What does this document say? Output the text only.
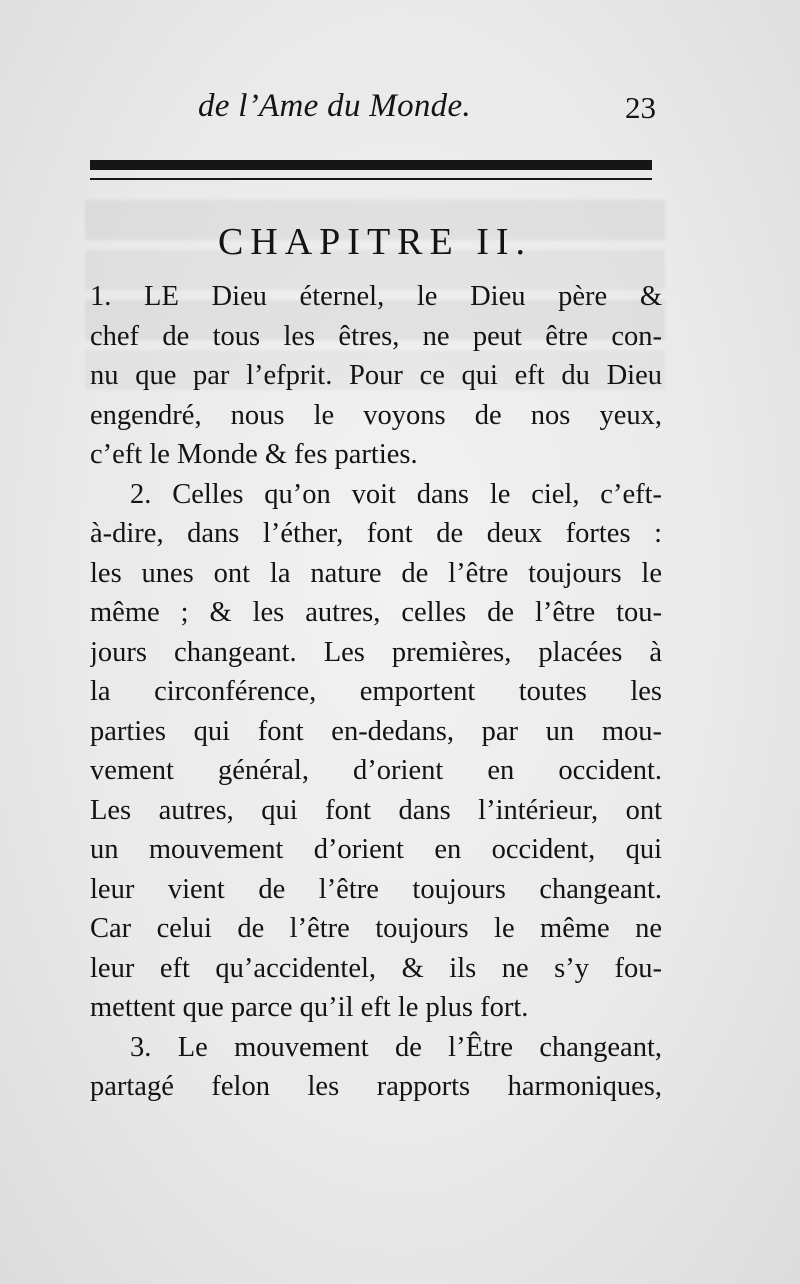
de l’Ame du Monde.	23
CHAPITRE II.
1. LE Dieu éternel, le Dieu père &
chef de tous les êtres, ne peut être con-
nu que par l’efprit. Pour ce qui eft du Dieu
engendré, nous le voyons de nos yeux,
c’eft le Monde & fes parties.
2. Celles qu’on voit dans le ciel, c’eft-
à-dire, dans l’éther, font de deux fortes :
les unes ont la nature de l’être toujours le
même ; & les autres, celles de l’être tou-
jours changeant. Les premières, placées à
la circonférence, emportent toutes les
parties qui font en-dedans, par un mou-
vement général, d’orient en occident.
Les autres, qui font dans l’intérieur, ont
un mouvement d’orient en occident, qui
leur vient de l’être toujours changeant.
Car celui de l’être toujours le même ne
leur eft qu’accidentel, & ils ne s’y fou-
mettent que parce qu’il eft le plus fort.
3. Le mouvement de l’Être changeant,
partagé felon les rapports harmoniques,
